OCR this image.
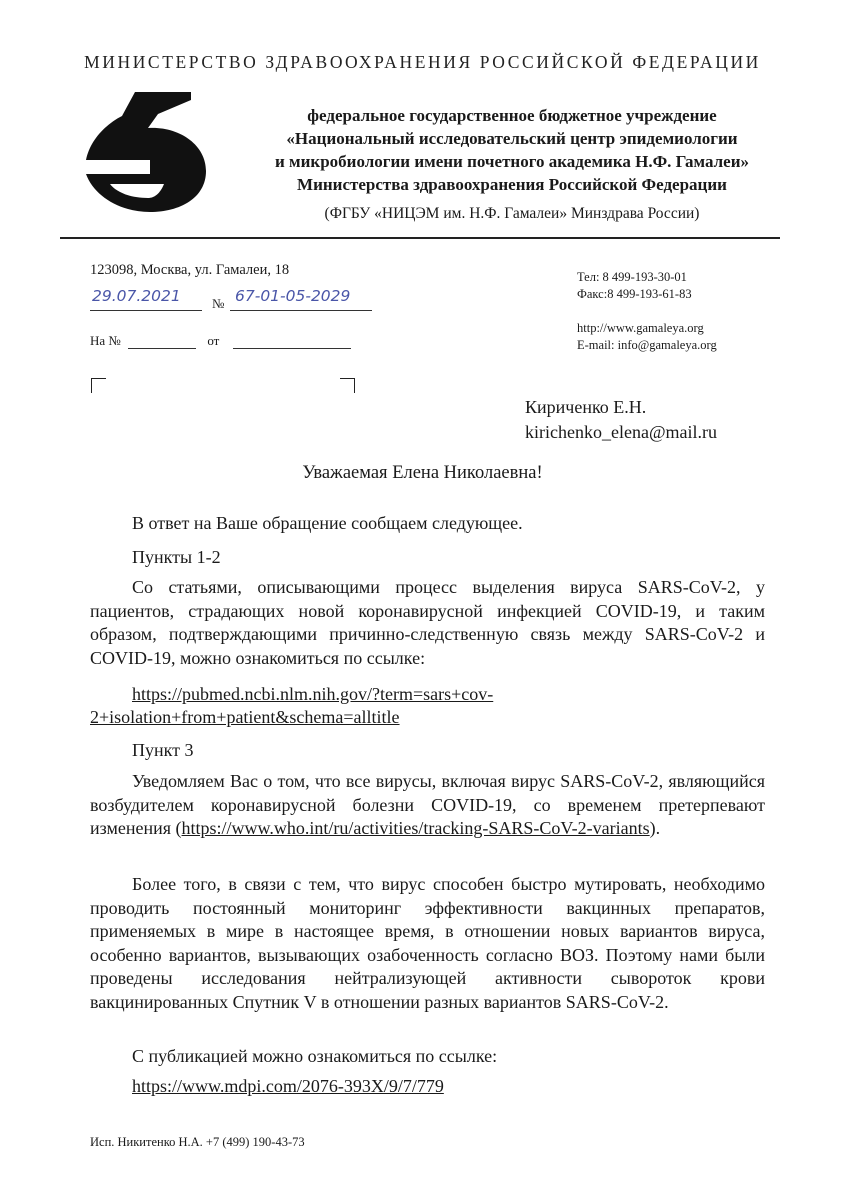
МИНИСТЕРСТВО ЗДРАВООХРАНЕНИЯ РОССИЙСКОЙ ФЕДЕРАЦИИ
федеральное государственное бюджетное учреждение
«Национальный исследовательский центр эпидемиологии
и микробиологии имени почетного академика Н.Ф. Гамалеи»
Министерства здравоохранения Российской Федерации
(ФГБУ «НИЦЭМ им. Н.Ф. Гамалеи» Минздрава России)
123098, Москва, ул. Гамалеи, 18
29.07.2021 № 67-01-05-2029
На №	от
Тел: 8 499-193-30-01
Факс:8 499-193-61-83
http://www.gamaleya.org
E-mail: info@gamaleya.org
Кириченко Е.Н.
kirichenko_elena@mail.ru
Уважаемая Елена Николаевна!
В ответ на Ваше обращение сообщаем следующее.
Пункты 1-2
Со статьями, описывающими процесс выделения вируса SARS-CoV-2, у пациентов, страдающих новой коронавирусной инфекцией COVID-19, и таким образом, подтверждающими причинно-следственную связь между SARS-CoV-2 и COVID-19, можно ознакомиться по ссылке:
https://pubmed.ncbi.nlm.nih.gov/?term=sars+cov-
2+isolation+from+patient&schema=alltitle
Пункт 3
Уведомляем Вас о том, что все вирусы, включая вирус SARS-CoV-2, являющийся возбудителем коронавирусной болезни COVID-19, со временем претерпевают изменения (https://www.who.int/ru/activities/tracking-SARS-CoV-2-variants).
Более того, в связи с тем, что вирус способен быстро мутировать, необходимо проводить постоянный мониторинг эффективности вакцинных препаратов, применяемых в мире в настоящее время, в отношении новых вариантов вируса, особенно вариантов, вызывающих озабоченность согласно ВОЗ. Поэтому нами были проведены исследования нейтрализующей активности сывороток крови вакцинированных Спутник V в отношении разных вариантов SARS-CoV-2.
С публикацией можно ознакомиться по ссылке:
https://www.mdpi.com/2076-393X/9/7/779
Исп. Никитенко Н.А. +7 (499) 190-43-73
